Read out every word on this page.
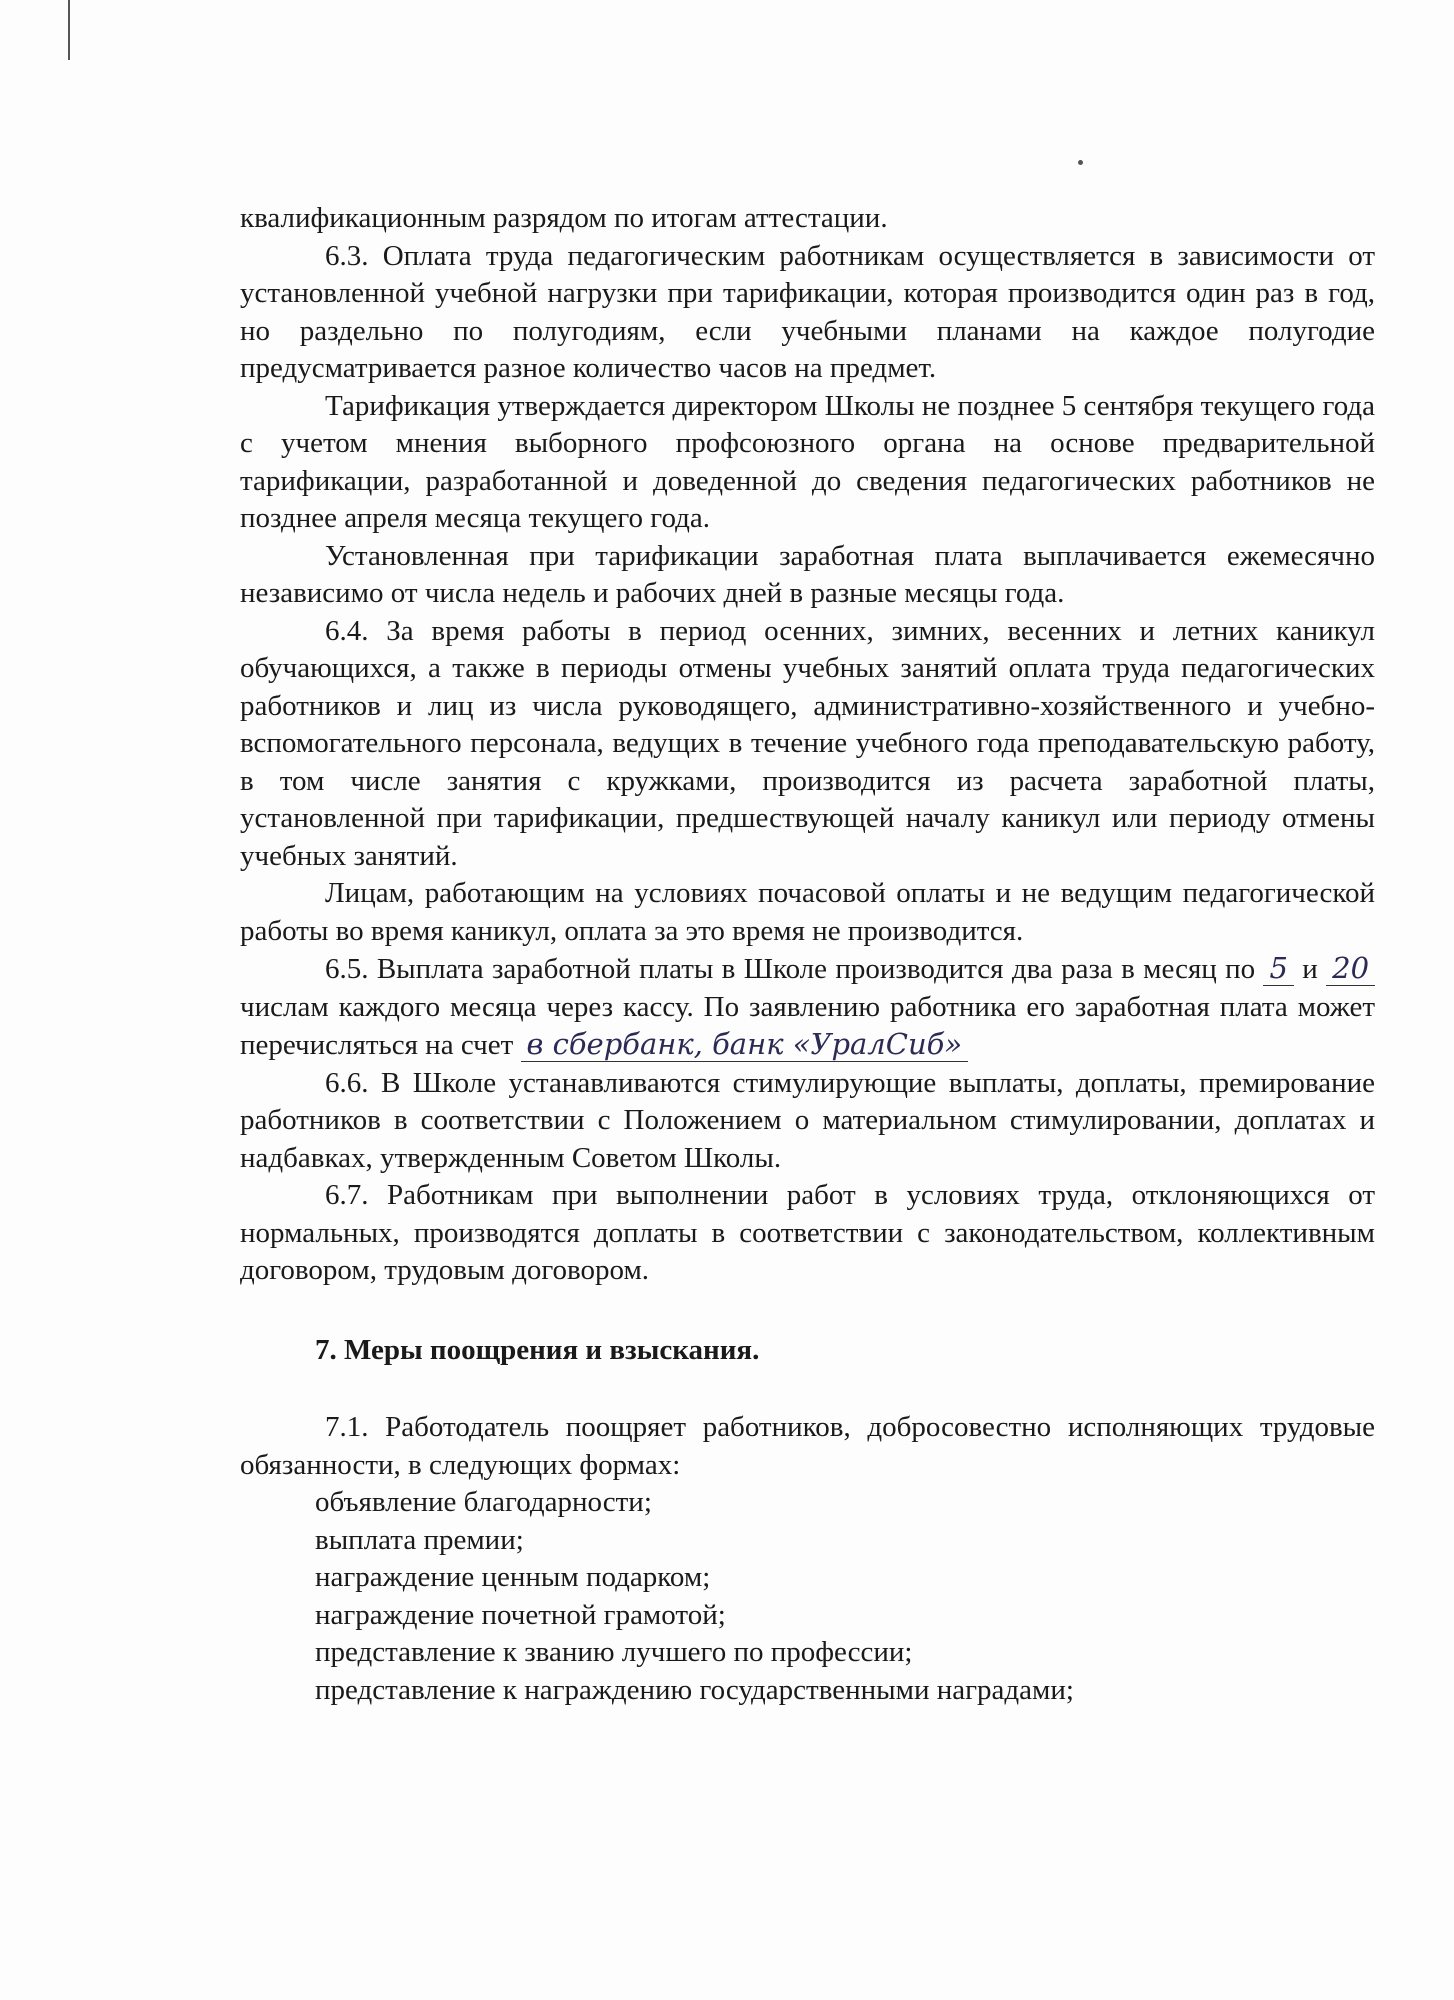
квалификационным разрядом по итогам аттестации.

6.3. Оплата труда педагогическим работникам осуществляется в зависимости от установленной учебной нагрузки при тарификации, которая производится один раз в год, но раздельно по полугодиям, если учебными планами на каждое полугодие предусматривается разное количество часов на предмет.

Тарификация утверждается директором Школы не позднее 5 сентября текущего года с учетом мнения выборного профсоюзного органа на основе предварительной тарификации, разработанной и доведенной до сведения педагогических работников не позднее апреля месяца текущего года.

Установленная при тарификации заработная плата выплачивается ежемесячно независимо от числа недель и рабочих дней в разные месяцы года.

6.4. За время работы в период осенних, зимних, весенних и летних каникул обучающихся, а также в периоды отмены учебных занятий оплата труда педагогических работников и лиц из числа руководящего, административно-хозяйственного и учебно-вспомогательного персонала, ведущих в течение учебного года преподавательскую работу, в том числе занятия с кружками, производится из расчета заработной платы, установленной при тарификации, предшествующей началу каникул или периоду отмены учебных занятий.

Лицам, работающим на условиях почасовой оплаты и не ведущим педагогической работы во время каникул, оплата за это время не производится.

6.5. Выплата заработной платы в Школе производится два раза в месяц по 5 и 20 числам каждого месяца через кассу. По заявлению работника его заработная плата может перечисляться на счет в сбербанк, банк «УралСиб»

6.6. В Школе устанавливаются стимулирующие выплаты, доплаты, премирование работников в соответствии с Положением о материальном стимулировании, доплатах и надбавках, утвержденным Советом Школы.

6.7. Работникам при выполнении работ в условиях труда, отклоняющихся от нормальных, производятся доплаты в соответствии с законодательством, коллективным договором, трудовым договором.

7. Меры поощрения и взыскания.

7.1. Работодатель поощряет работников, добросовестно исполняющих трудовые обязанности, в следующих формах:

объявление благодарности;
выплата премии;
награждение ценным подарком;
награждение почетной грамотой;
представление к званию лучшего по профессии;
представление к награждению государственными наградами;
